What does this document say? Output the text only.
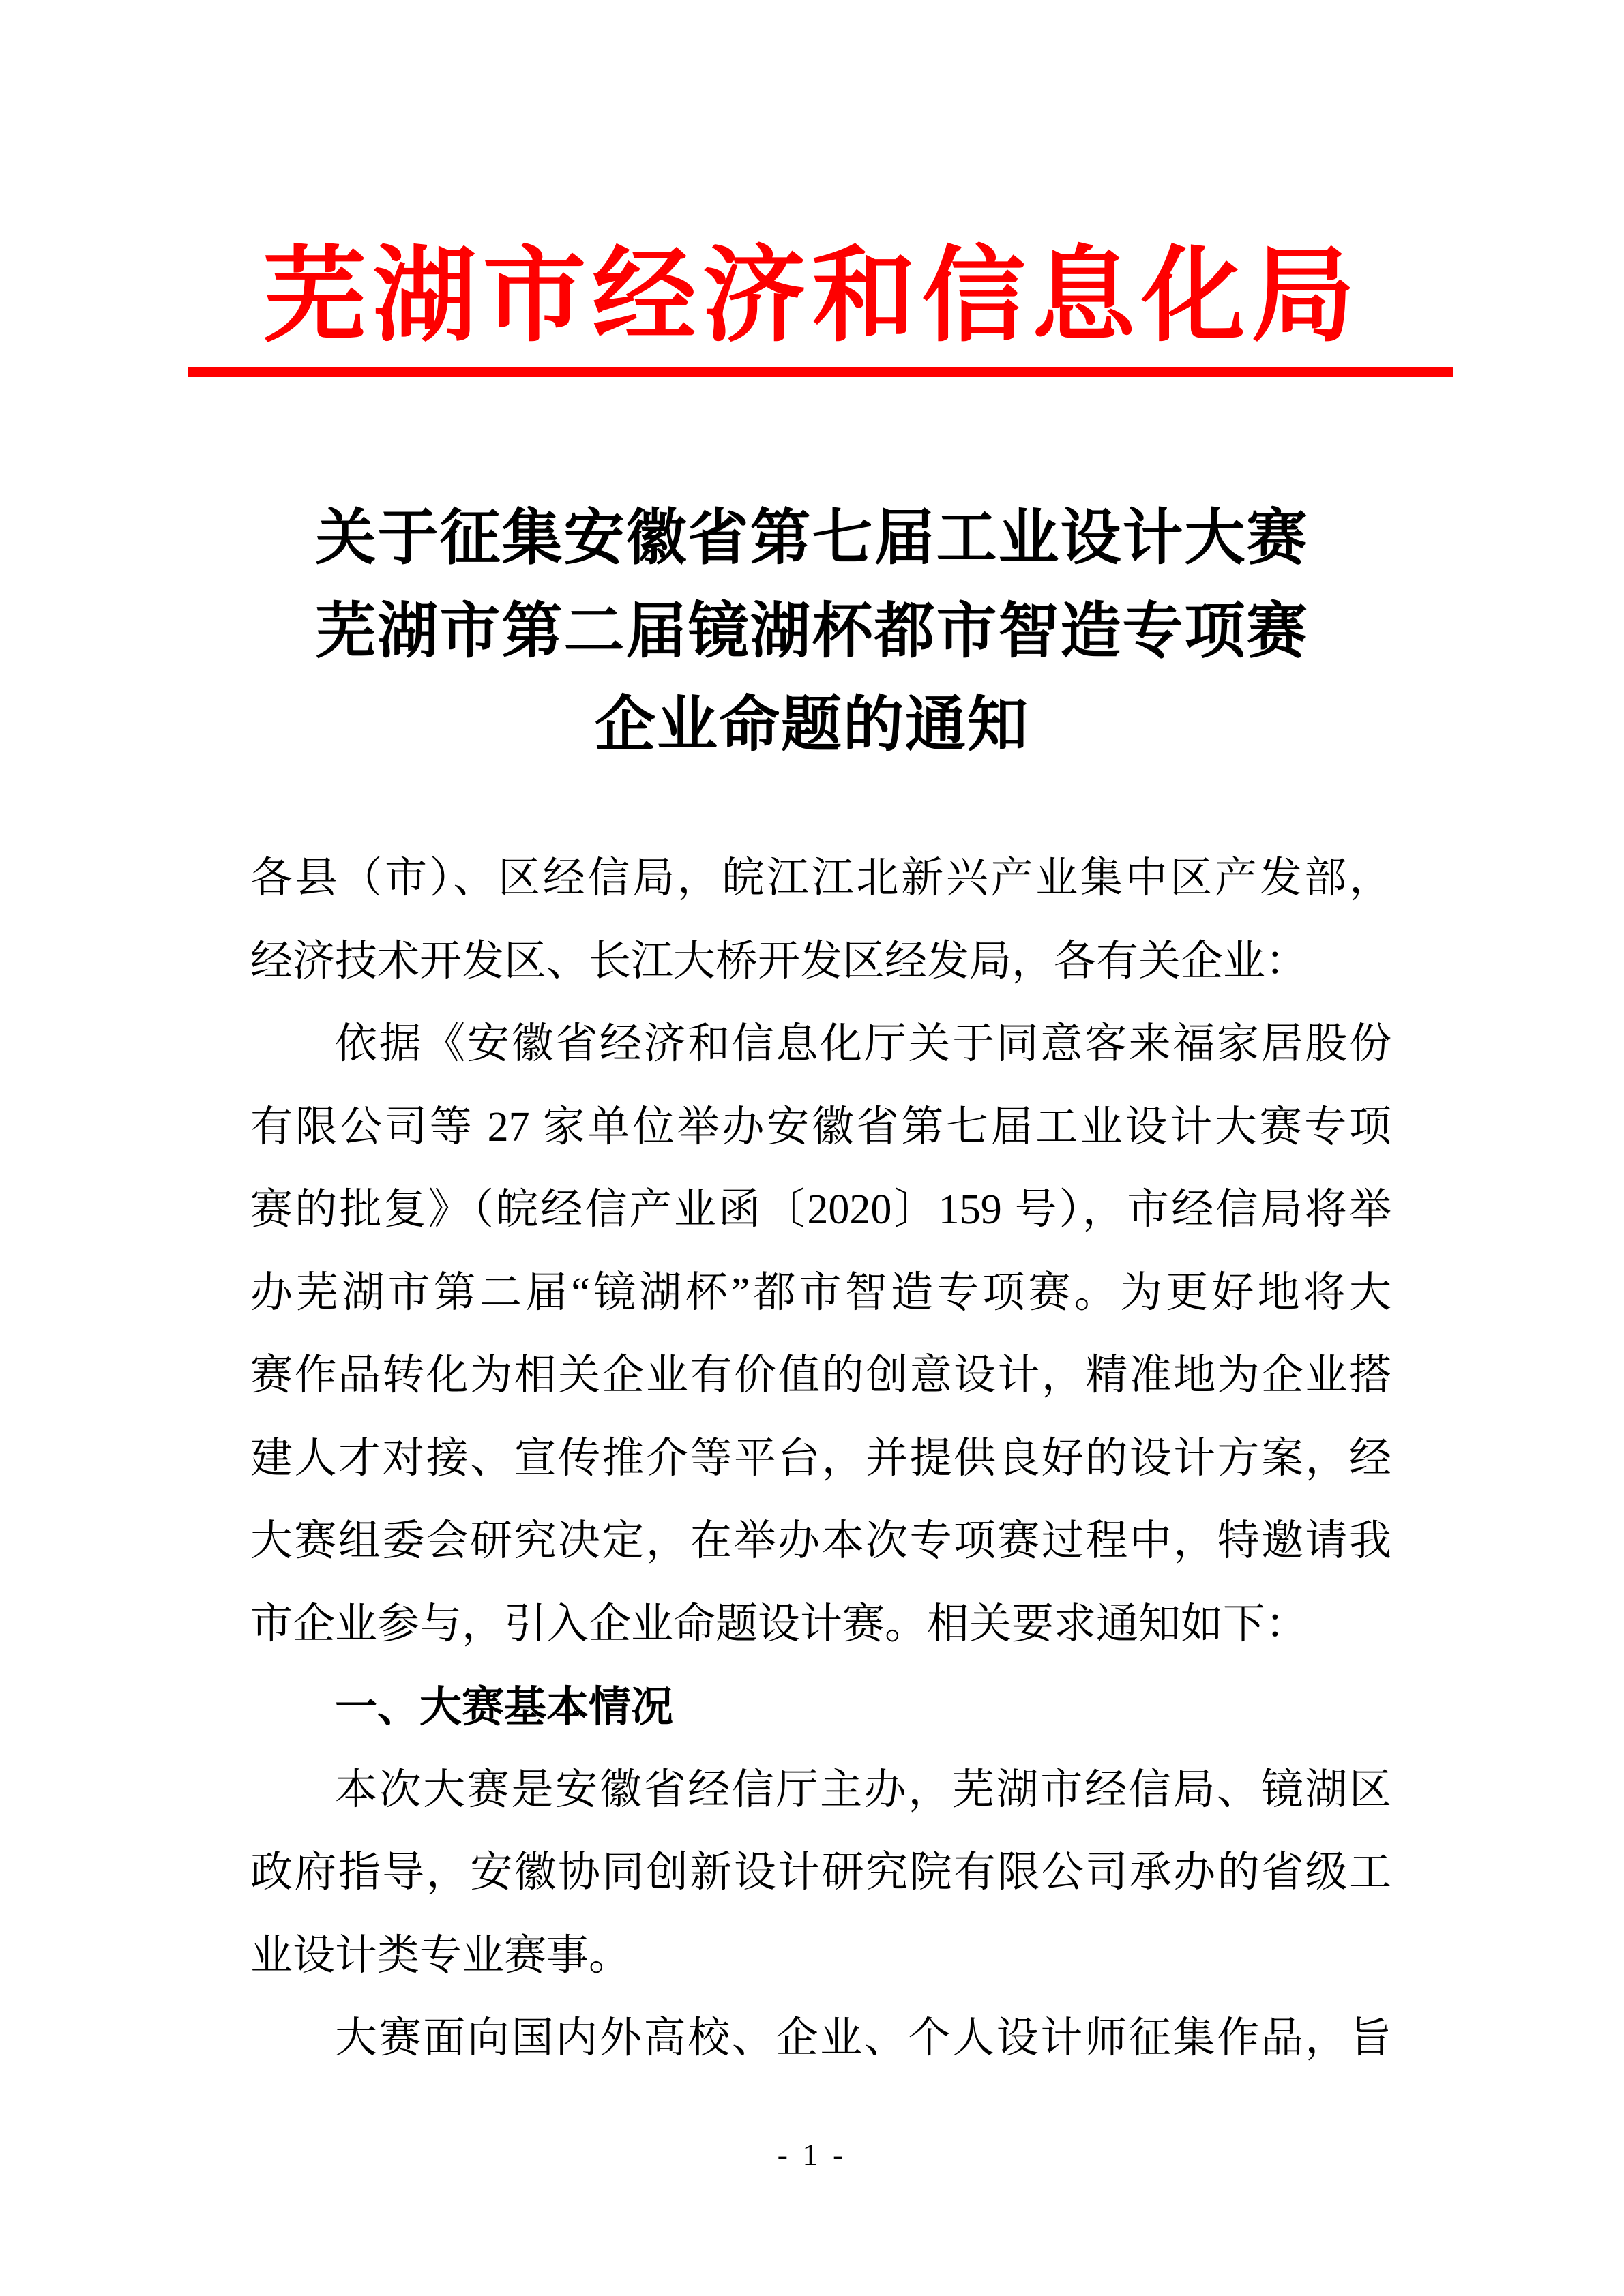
芜湖市经济和信息化局
关于征集安徽省第七届工业设计大赛
芜湖市第二届镜湖杯都市智造专项赛
企业命题的通知

各县（市）、区经信局，皖江江北新兴产业集中区产发部，

经济技术开发区、长江大桥开发区经发局，各有关企业：

依据《安徽省经济和信息化厅关于同意客来福家居股份

有限公司等 27 家单位举办安徽省第七届工业设计大赛专项

赛的批复》（皖经信产业函〔2020〕159 号），市经信局将举

办芜湖市第二届“镜湖杯”都市智造专项赛。为更好地将大

赛作品转化为相关企业有价值的创意设计，精准地为企业搭

建人才对接、宣传推介等平台，并提供良好的设计方案，经

大赛组委会研究决定，在举办本次专项赛过程中，特邀请我

市企业参与，引入企业命题设计赛。相关要求通知如下：

一、大赛基本情况

本次大赛是安徽省经信厅主办，芜湖市经信局、镜湖区

政府指导，安徽协同创新设计研究院有限公司承办的省级工

业设计类专业赛事。

大赛面向国内外高校、企业、个人设计师征集作品，旨

- 1 -
